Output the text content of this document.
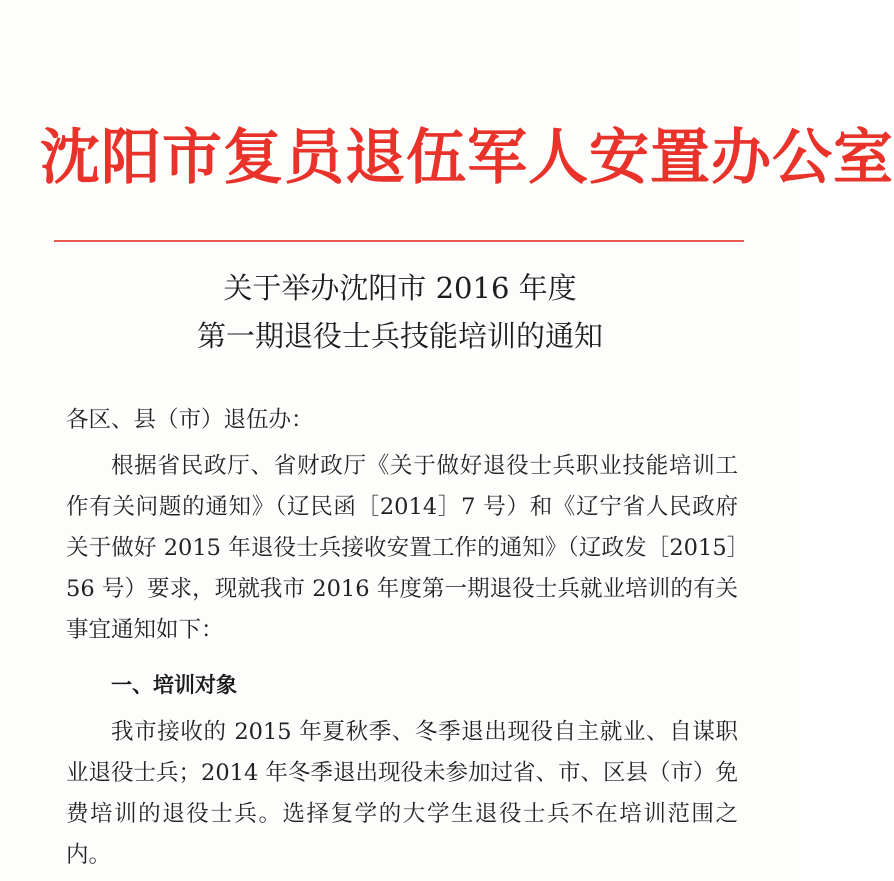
沈阳市复员退伍军人安置办公室
关于举办沈阳市 2016 年度
第一期退役士兵技能培训的通知
各区、县（市）退伍办：
根据省民政厅、省财政厅《关于做好退役士兵职业技能培训工作有关问题的通知》（辽民函［2014］7 号）和《辽宁省人民政府关于做好 2015 年退役士兵接收安置工作的通知》（辽政发［2015］56 号）要求，现就我市 2016 年度第一期退役士兵就业培训的有关事宜通知如下：
一、培训对象
我市接收的 2015 年夏秋季、冬季退出现役自主就业、自谋职业退役士兵；2014 年冬季退出现役未参加过省、市、区县（市）免费培训的退役士兵。选择复学的大学生退役士兵不在培训范围之内。
